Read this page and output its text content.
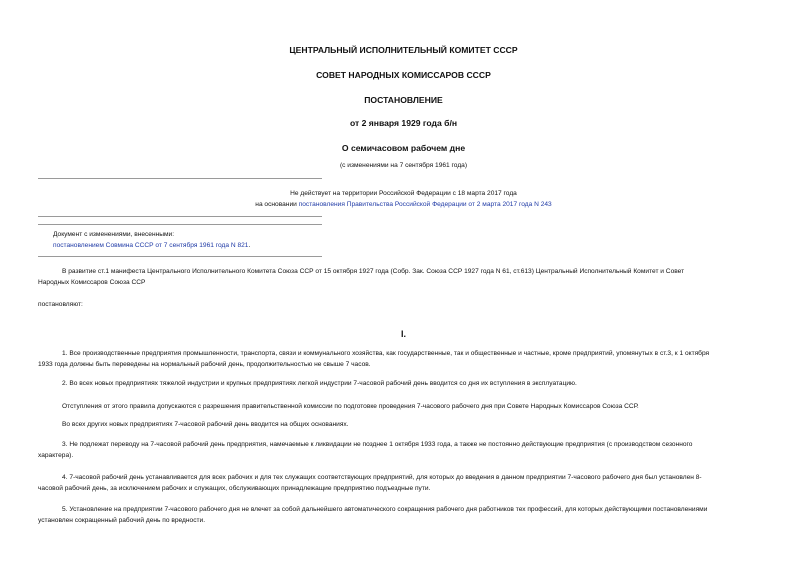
ЦЕНТРАЛЬНЫЙ ИСПОЛНИТЕЛЬНЫЙ КОМИТЕТ СССР
СОВЕТ НАРОДНЫХ КОМИССАРОВ СССР
ПОСТАНОВЛЕНИЕ
от 2 января 1929 года б/н
О семичасовом рабочем дне
(с изменениями на 7 сентября 1961 года)
Не действует на территории Российской Федерации с 18 марта 2017 года
на основании постановления Правительства Российской Федерации от 2 марта 2017 года N 243
Документ с изменениями, внесенными:
постановлением Совмина СССР от 7 сентября 1961 года N 821.
В развитие ст.1 манифеста Центрального Исполнительного Комитета Союза ССР от 15 октября 1927 года (Собр. Зак. Союза ССР 1927 года N 61, ст.613) Центральный Исполнительный Комитет и Совет
Народных Комиссаров Союза ССР
постановляют:
I.
1. Все производственные предприятия промышленности, транспорта, связи и коммунального хозяйства, как государственные, так и общественные и частные, кроме предприятий, упомянутых в ст.3, к 1 октября
1933 года должны быть переведены на нормальный рабочий день, продолжительностью не свыше 7 часов.
2. Во всех новых предприятиях тяжелой индустрии и крупных предприятиях легкой индустрии 7-часовой рабочий день вводится со дня их вступления в эксплуатацию.
Отступления от этого правила допускаются с разрешения правительственной комиссии по подготовке проведения 7-часового рабочего дня при Совете Народных Комиссаров Союза ССР.
Во всех других новых предприятиях 7-часовой рабочий день вводится на общих основаниях.
3. Не подлежат переводу на 7-часовой рабочий день предприятия, намечаемые к ликвидации не позднее 1 октября 1933 года, а также не постоянно действующие предприятия (с производством сезонного
характера).
4. 7-часовой рабочий день устанавливается для всех рабочих и для тех служащих соответствующих предприятий, для которых до введения в данном предприятии 7-часового рабочего дня был установлен 8-
часовой рабочий день, за исключением рабочих и служащих, обслуживающих принадлежащие предприятию подъездные пути.
5. Установление на предприятии 7-часового рабочего дня не влечет за собой дальнейшего автоматического сокращения рабочего дня работников тех профессий, для которых действующими постановлениями
установлен сокращенный рабочий день по вредности.
